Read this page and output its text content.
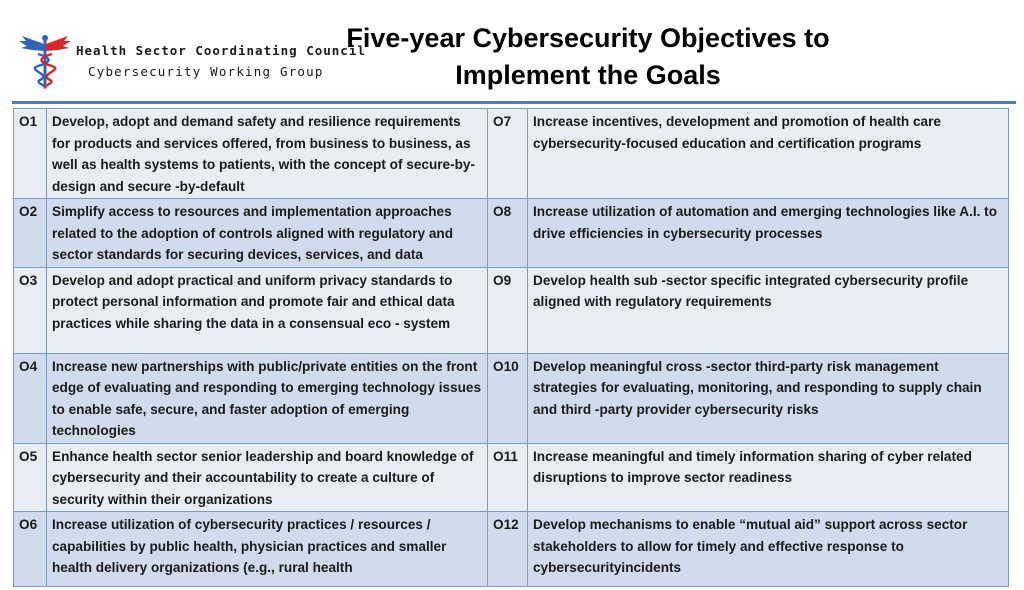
Health Sector Coordinating Council
Cybersecurity Working Group
Five-year Cybersecurity Objectives to
Implement the Goals
O1	Develop, adopt and demand safety and resilience requirements for products and services offered, from business to business, as well as health systems to patients, with the concept of secure-by-design and secure -by-default	O7	Increase incentives, development and promotion of health care cybersecurity-focused education and certification programs
O2	Simplify access to resources and implementation approaches related to the adoption of controls aligned with regulatory and sector standards for securing devices, services, and data	O8	Increase utilization of automation and emerging technologies like A.I. to drive efficiencies in cybersecurity processes
O3	Develop and adopt practical and uniform privacy standards to protect personal information and promote fair and ethical data practices while sharing the data in a consensual eco - system	O9	Develop health sub -sector specific integrated cybersecurity profile aligned with regulatory requirements
O4	Increase new partnerships with public/private entities on the front edge of evaluating and responding to emerging technology issues to enable safe, secure, and faster adoption of emerging technologies	O10	Develop meaningful cross -sector third-party risk management strategies for evaluating, monitoring, and responding to supply chain and third -party provider cybersecurity risks
O5	Enhance health sector senior leadership and board knowledge of cybersecurity and their accountability to create a culture of security within their organizations	O11	Increase meaningful and timely information sharing of cyber related disruptions to improve sector readiness
O6	Increase utilization of cybersecurity practices / resources / capabilities by public health, physician practices and smaller health delivery organizations (e.g., rural health	O12	Develop mechanisms to enable “mutual aid” support across sector stakeholders to allow for timely and effective response to cybersecurityincidents
